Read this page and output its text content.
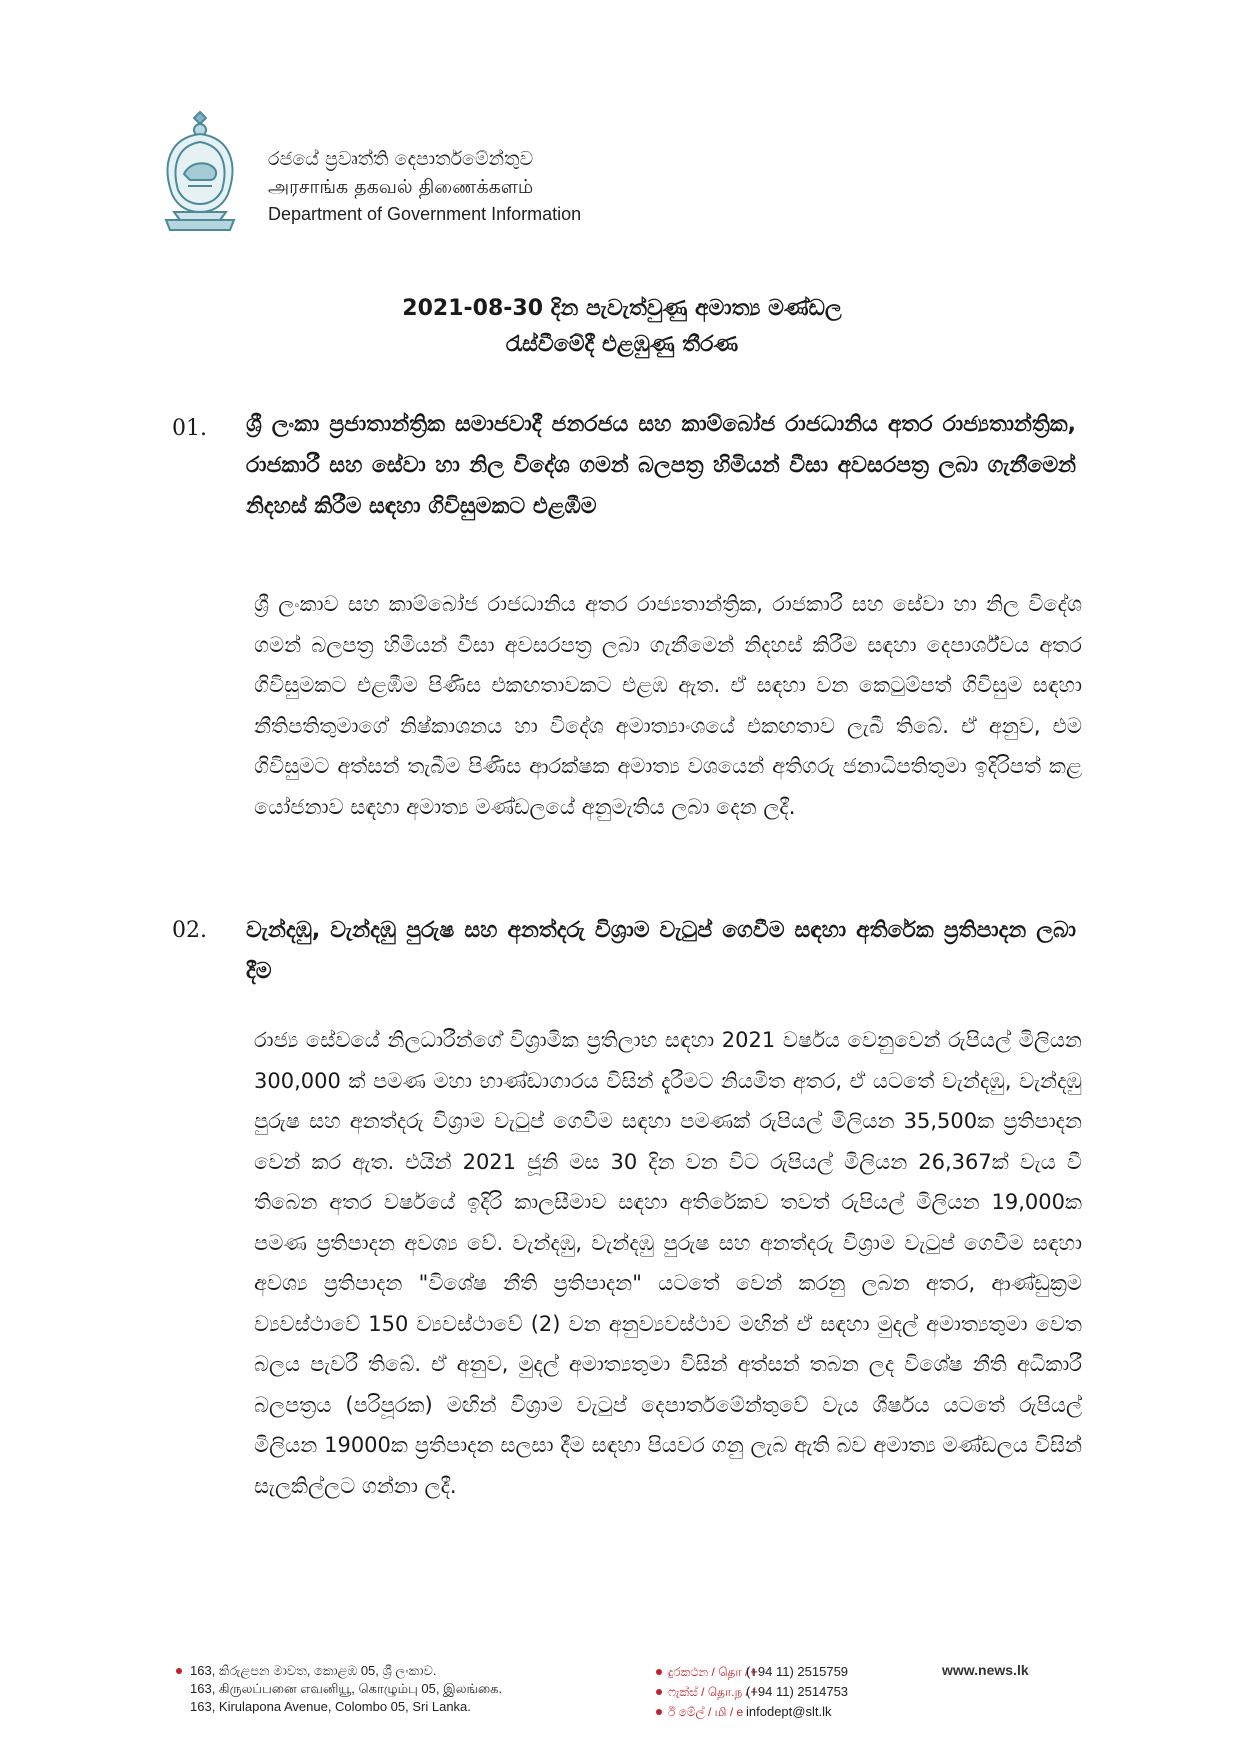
රජයේ ප්‍රවෘත්ති දෙපාර්තමේන්තුව
அரசாங்க தகவல் திணைக்களம்
Department of Government Information
2021-08-30 දින පැවැත්වුණු අමාත්‍ය මණ්ඩල
රැස්වීමේදී එළඹුණු තීරණ
01. ශ්‍රී ලංකා ප්‍රජාතාන්ත්‍රික සමාජවාදී ජනරජය සහ කාම්බෝජ රාජධානිය අතර රාජ්‍යතාන්ත්‍රික, රාජකාරී සහ සේවා හා නිල විදේශ ගමන් බලපත්‍ර හිමියන් වීසා අවසරපත්‍ර ලබා ගැනීමෙන් නිදහස් කිරීම සඳහා ගිවිසුමකට එළඹීම
ශ්‍රී ලංකාව සහ කාම්බෝජ රාජධානිය අතර රාජ්‍යතාන්ත්‍රික, රාජකාරී සහ සේවා හා නිල විදේශ ගමන් බලපත්‍ර හිමියන් වීසා අවසරපත්‍ර ලබා ගැනීමෙන් නිදහස් කිරීම සඳහා දෙපාර්ශ්වය අතර ගිවිසුමකට එළඹීම පිණිස එකඟතාවකට එළඹ ඇත. ඒ සඳහා වන කෙටුම්පත් ගිවිසුම සඳහා නීතිපතිතුමාගේ නිෂ්කාශනය හා විදේශ අමාත්‍යාංශයේ එකඟතාව ලැබී තිබේ. ඒ අනුව, එම ගිවිසුමට අත්සන් තැබීම පිණිස ආරක්ෂක අමාත්‍ය වශයෙන් අතිගරු ජනාධිපතිතුමා ඉදිරිපත් කළ යෝජනාව සඳහා අමාත්‍ය මණ්ඩලයේ අනුමැතිය ලබා දෙන ලදී.
02. වැන්දඹු, වැන්දඹු පුරුෂ සහ අනත්දරු විශ්‍රාම වැටුප් ගෙවීම සඳහා අතිරේක ප්‍රතිපාදන ලබා දීම
රාජ්‍ය සේවයේ නිලධාරීන්ගේ විශ්‍රාමික ප්‍රතිලාභ සඳහා 2021 වර්ෂය වෙනුවෙන් රුපියල් මිලියන 300,000 ක් පමණ මහා භාණ්ඩාගාරය විසින් දැරීමට නියමිත අතර, ඒ යටතේ වැන්දඹු, වැන්දඹු පුරුෂ සහ අනත්දරු විශ්‍රාම වැටුප් ගෙවීම සඳහා පමණක් රුපියල් මිලියන 35,500ක ප්‍රතිපාදන වෙන් කර ඇත. එයින් 2021 ජූනි මස 30 දින වන විට රුපියල් මිලියන 26,367ක් වැය වී තිබෙන අතර වර්ෂයේ ඉදිරි කාලසීමාව සඳහා අතිරේකව තවත් රුපියල් මිලියන 19,000ක පමණ ප්‍රතිපාදන අවශ්‍ය වේ. වැන්දඹු, වැන්දඹු පුරුෂ සහ අනත්දරු විශ්‍රාම වැටුප් ගෙවීම සඳහා අවශ්‍ය ප්‍රතිපාදන "විශේෂ නීති ප්‍රතිපාදන" යටතේ වෙන් කරනු ලබන අතර, ආණ්ඩුක්‍රම ව්‍යවස්ථාවේ 150 ව්‍යවස්ථාවේ (2) වන අනුව්‍යවස්ථාව මඟින් ඒ සඳහා මුදල් අමාත්‍යතුමා වෙත බලය පැවරී තිබේ. ඒ අනුව, මුදල් අමාත්‍යතුමා විසින් අත්සන් තබන ලද විශේෂ නීති අධිකාරී බලපත්‍රය (පරිපූරක) මඟින් විශ්‍රාම වැටුප් දෙපාර්තමේන්තුවේ වැය ශීර්ෂය යටතේ රුපියල් මිලියන 19000ක ප්‍රතිපාදන සලසා දීම සඳහා පියවර ගනු ලැබ ඇති බව අමාත්‍ය මණ්ඩලය විසින් සැලකිල්ලට ගන්නා ලදී.
163, කිරුළපන මාවත, කොළඹ 05, ශ්‍රී ලංකාව.
163, கிருலப்பனை எவனியூ, கொழும்பு 05, இலங்கை.
163, Kirulapona Avenue, Colombo 05, Sri Lanka.
දුරකථන / தொ / t(+94 11) 2515759
ෆැක්ස් / தொ.ந / f(+94 11) 2514753
ඊ මේල් / மி / e infodept@slt.lk
www.news.lk
